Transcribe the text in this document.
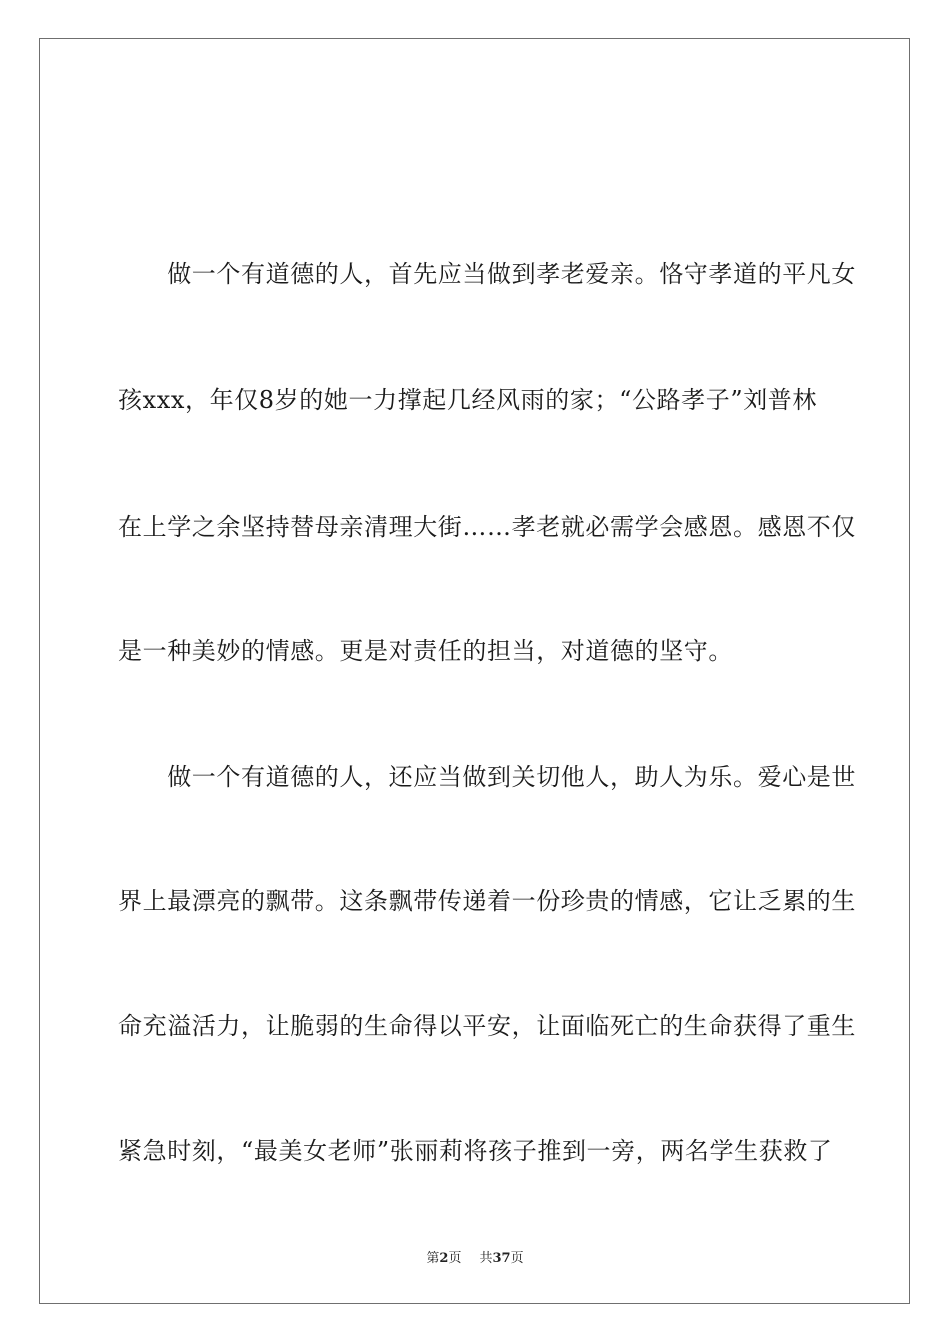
　　做一个有道德的人，首先应当做到孝老爱亲。恪守孝道的平凡女
孩xxx，年仅8岁的她一力撑起几经风雨的家；“公路孝子”刘普林
在上学之余坚持替母亲清理大街……孝老就必需学会感恩。感恩不仅
是一种美妙的情感。更是对责任的担当，对道德的坚守。
　　做一个有道德的人，还应当做到关切他人，助人为乐。爱心是世
界上最漂亮的飘带。这条飘带传递着一份珍贵的情感，它让乏累的生
命充溢活力，让脆弱的生命得以平安，让面临死亡的生命获得了重生
紧急时刻，“最美女老师”张丽莉将孩子推到一旁，两名学生获救了
第2页 共37页
